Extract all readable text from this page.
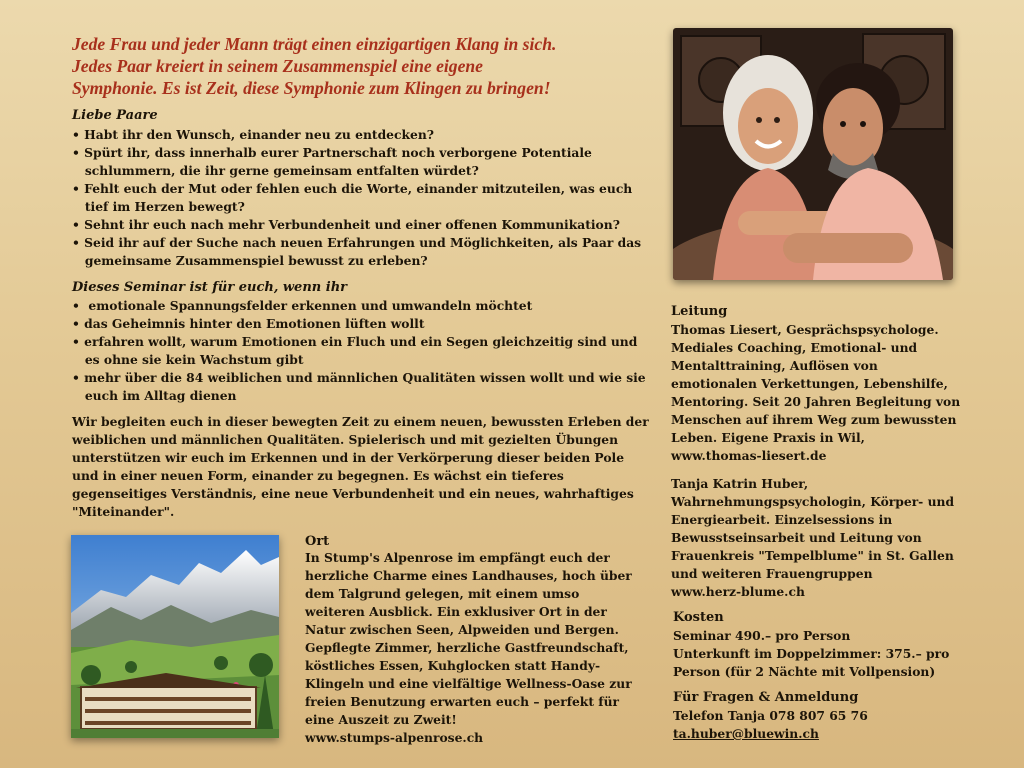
Jede Frau und jeder Mann trägt einen einzigartigen Klang in sich.
Jedes Paar kreiert in seinem Zusammenspiel eine eigene
Symphonie. Es ist Zeit, diese Symphonie zum Klingen zu bringen!
Liebe Paare
• Habt ihr den Wunsch, einander neu zu entdecken?
• Spürt ihr, dass innerhalb eurer Partnerschaft noch verborgene Potentiale
schlummern, die ihr gerne gemeinsam entfalten würdet?
• Fehlt euch der Mut oder fehlen euch die Worte, einander mitzuteilen, was euch
tief im Herzen bewegt?
• Sehnt ihr euch nach mehr Verbundenheit und einer offenen Kommunikation?
• Seid ihr auf der Suche nach neuen Erfahrungen und Möglichkeiten, als Paar das
gemeinsame Zusammenspiel bewusst zu erleben?
Dieses Seminar ist für euch, wenn ihr
•  emotionale Spannungsfelder erkennen und umwandeln möchtet
• das Geheimnis hinter den Emotionen lüften wollt
• erfahren wollt, warum Emotionen ein Fluch und ein Segen gleichzeitig sind und
es ohne sie kein Wachstum gibt
• mehr über die 84 weiblichen und männlichen Qualitäten wissen wollt und wie sie
euch im Alltag dienen
Wir begleiten euch in dieser bewegten Zeit zu einem neuen, bewussten Erleben der
weiblichen und männlichen Qualitäten. Spielerisch und mit gezielten Übungen
unterstützen wir euch im Erkennen und in der Verkörperung dieser beiden Pole
und in einer neuen Form, einander zu begegnen. Es wächst ein tieferes
gegenseitiges Verständnis, eine neue Verbundenheit und ein neues, wahrhaftiges
"Miteinander".
Ort
In Stump's Alpenrose im empfängt euch der
herzliche Charme eines Landhauses, hoch über
dem Talgrund gelegen, mit einem umso
weiteren Ausblick. Ein exklusiver Ort in der
Natur zwischen Seen, Alpweiden und Bergen.
Gepflegte Zimmer, herzliche Gastfreundschaft,
köstliches Essen, Kuhglocken statt Handy-
Klingeln und eine vielfältige Wellness-Oase zur
freien Benutzung erwarten euch – perfekt für
eine Auszeit zu Zweit!
www.stumps-alpenrose.ch
Leitung
Thomas Liesert, Gesprächspsychologe.
Mediales Coaching, Emotional- und
Mentalttraining, Auflösen von
emotionalen Verkettungen, Lebenshilfe,
Mentoring. Seit 20 Jahren Begleitung von
Menschen auf ihrem Weg zum bewussten
Leben. Eigene Praxis in Wil,
www.thomas-liesert.de
Tanja Katrin Huber,
Wahrnehmungspsychologin, Körper- und
Energiearbeit. Einzelsessions in
Bewusstseinsarbeit und Leitung von
Frauenkreis "Tempelblume" in St. Gallen
und weiteren Frauengruppen
www.herz-blume.ch
Kosten
Seminar 490.– pro Person
Unterkunft im Doppelzimmer: 375.– pro
Person (für 2 Nächte mit Vollpension)
Für Fragen & Anmeldung
Telefon Tanja 078 807 65 76
ta.huber@bluewin.ch
